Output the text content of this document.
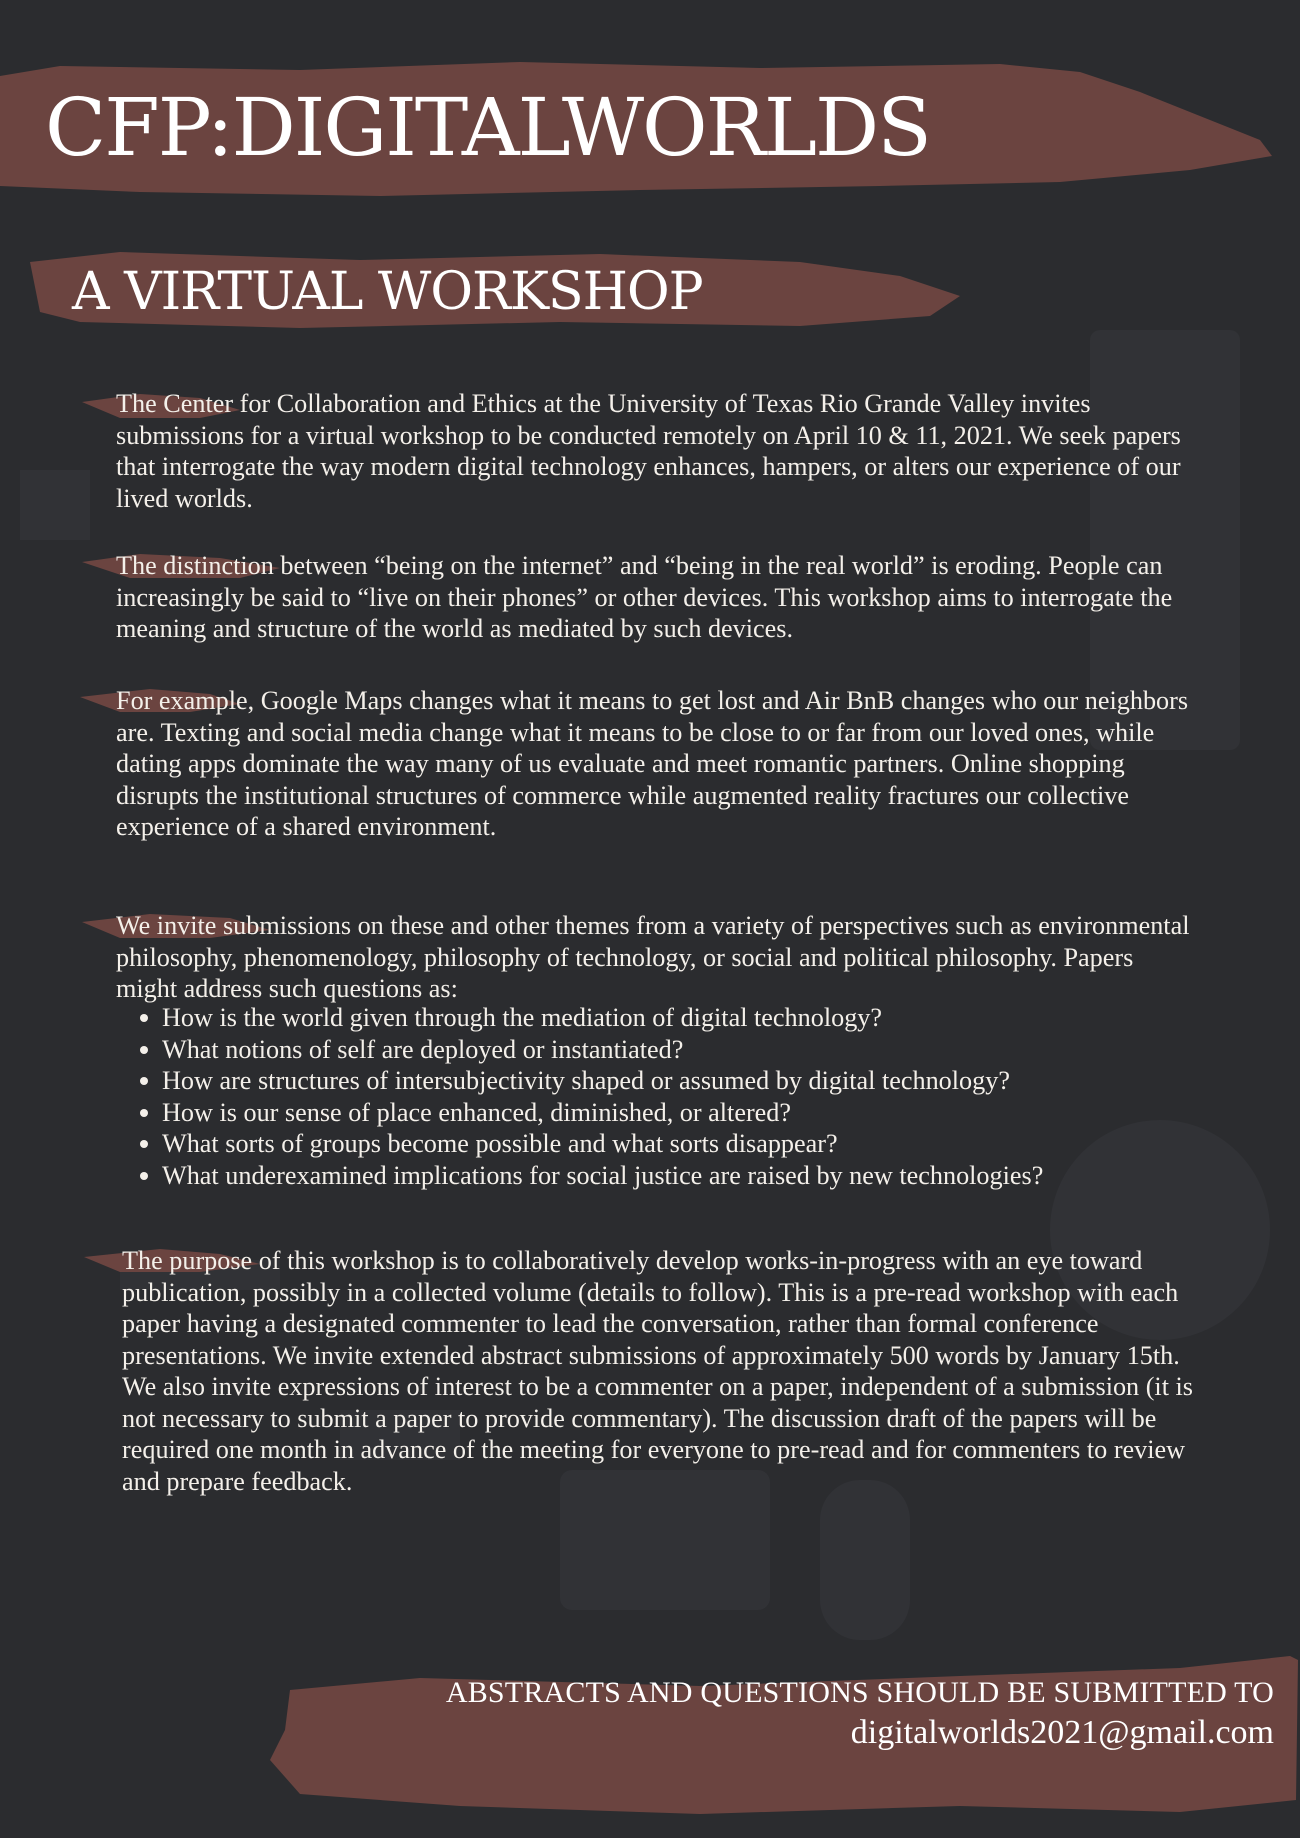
CFP:DIGITALWORLDS
A VIRTUAL WORKSHOP

The Center for Collaboration and Ethics at the University of Texas Rio Grande Valley invites submissions for a virtual workshop to be conducted remotely on April 10 & 11, 2021. We seek papers that interrogate the way modern digital technology enhances, hampers, or alters our experience of our lived worlds.

The distinction between “being on the internet” and “being in the real world” is eroding. People can increasingly be said to “live on their phones” or other devices. This workshop aims to interrogate the meaning and structure of the world as mediated by such devices.

For example, Google Maps changes what it means to get lost and Air BnB changes who our neighbors are. Texting and social media change what it means to be close to or far from our loved ones, while dating apps dominate the way many of us evaluate and meet romantic partners. Online shopping disrupts the institutional structures of commerce while augmented reality fractures our collective experience of a shared environment.

We invite submissions on these and other themes from a variety of perspectives such as environmental philosophy, phenomenology, philosophy of technology, or social and political philosophy. Papers might address such questions as:

How is the world given through the mediation of digital technology?
What notions of self are deployed or instantiated?
How are structures of intersubjectivity shaped or assumed by digital technology?
How is our sense of place enhanced, diminished, or altered?
What sorts of groups become possible and what sorts disappear?
What underexamined implications for social justice are raised by new technologies?

The purpose of this workshop is to collaboratively develop works-in-progress with an eye toward publication, possibly in a collected volume (details to follow). This is a pre-read workshop with each paper having a designated commenter to lead the conversation, rather than formal conference presentations. We invite extended abstract submissions of approximately 500 words by January 15th. We also invite expressions of interest to be a commenter on a paper, independent of a submission (it is not necessary to submit a paper to provide commentary). The discussion draft of the papers will be required one month in advance of the meeting for everyone to pre-read and for commenters to review and prepare feedback.

ABSTRACTS AND QUESTIONS SHOULD BE SUBMITTED TO
digitalworlds2021@gmail.com
